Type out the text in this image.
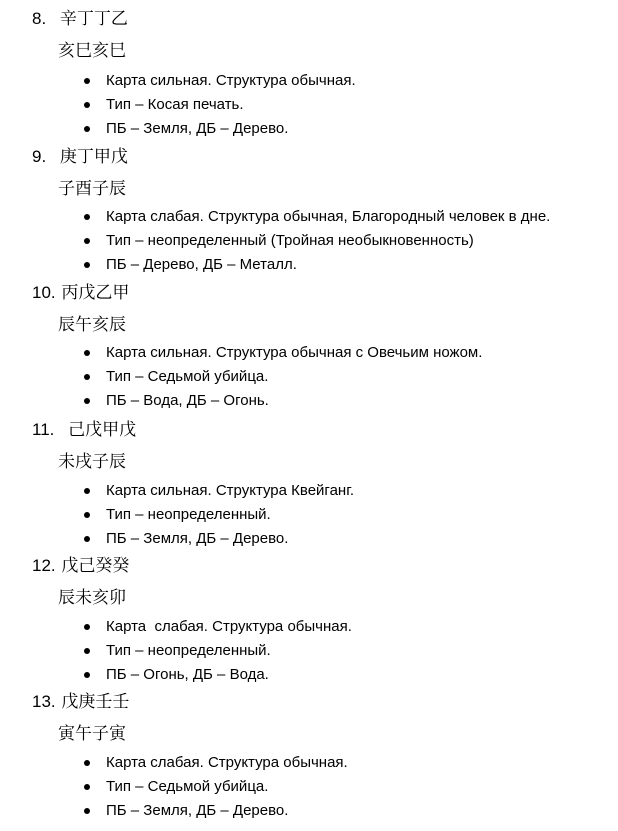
8. 辛丁丁乙
亥巳亥巳
Карта сильная. Структура обычная.
Тип – Косая печать.
ПБ – Земля, ДБ – Дерево.
9. 庚丁甲戊
子酉子辰
Карта слабая. Структура обычная, Благородный человек в дне.
Тип – неопределенный (Тройная необыкновенность)
ПБ – Дерево, ДБ – Металл.
10. 丙戊乙甲
辰午亥辰
Карта сильная. Структура обычная с Овечьим ножом.
Тип – Седьмой убийца.
ПБ – Вода, ДБ – Огонь.
11. 己戊甲戊
未戌子辰
Карта сильная. Структура Квейганг.
Тип – неопределенный.
ПБ – Земля, ДБ – Дерево.
12. 戊己癸癸
辰未亥卯
Карта  слабая. Структура обычная.
Тип – неопределенный.
ПБ – Огонь, ДБ – Вода.
13. 戊庚壬壬
寅午子寅
Карта слабая. Структура обычная.
Тип – Седьмой убийца.
ПБ – Земля, ДБ – Дерево.
